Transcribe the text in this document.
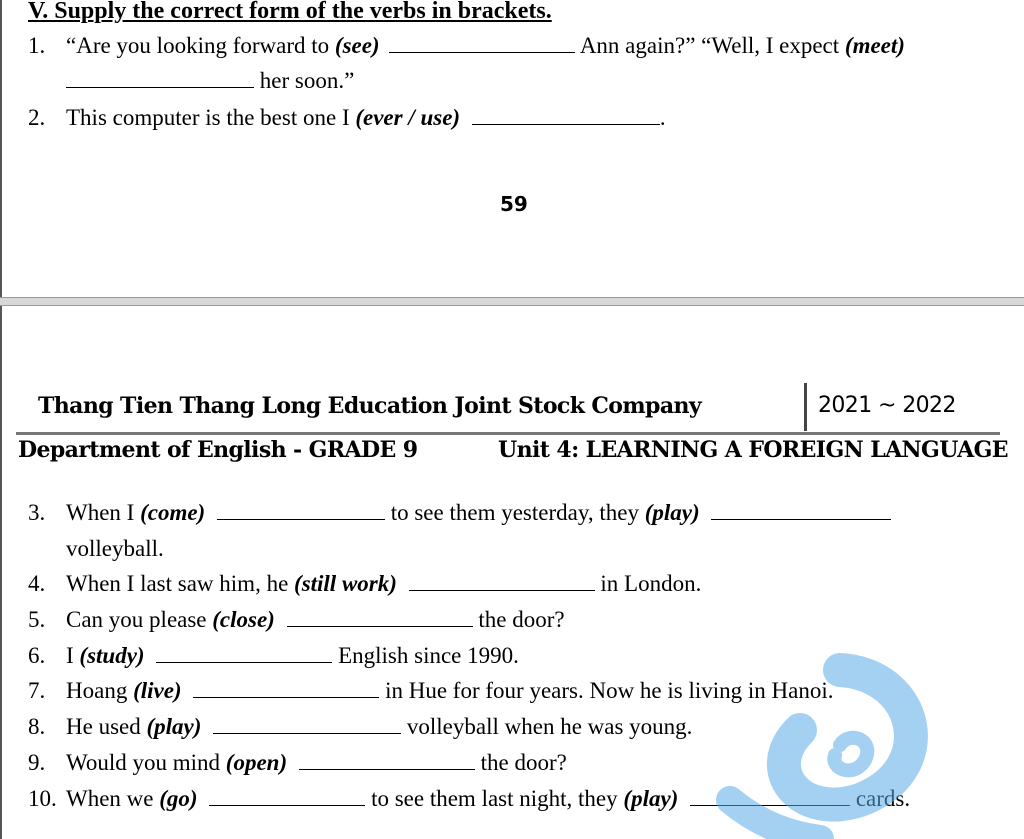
V. Supply the correct form of the verbs in brackets.
1. “Are you looking forward to (see)	Ann again?” “Well, I expect (meet)
her soon.”
2. This computer is the best one I (ever / use)	.
59
Thang Tien Thang Long Education Joint Stock Company	2021 ~ 2022
Department of English - GRADE 9	Unit 4: LEARNING A FOREIGN LANGUAGE
3. When I (come)	to see them yesterday, they (play)
volleyball.
4. When I last saw him, he (still work)	in London.
5. Can you please (close)	the door?
6. I (study)	English since 1990.
7. Hoang (live)	in Hue for four years. Now he is living in Hanoi.
8. He used (play)	volleyball when he was young.
9. Would you mind (open)	the door?
10. When we (go)	to see them last night, they (play)	cards.
